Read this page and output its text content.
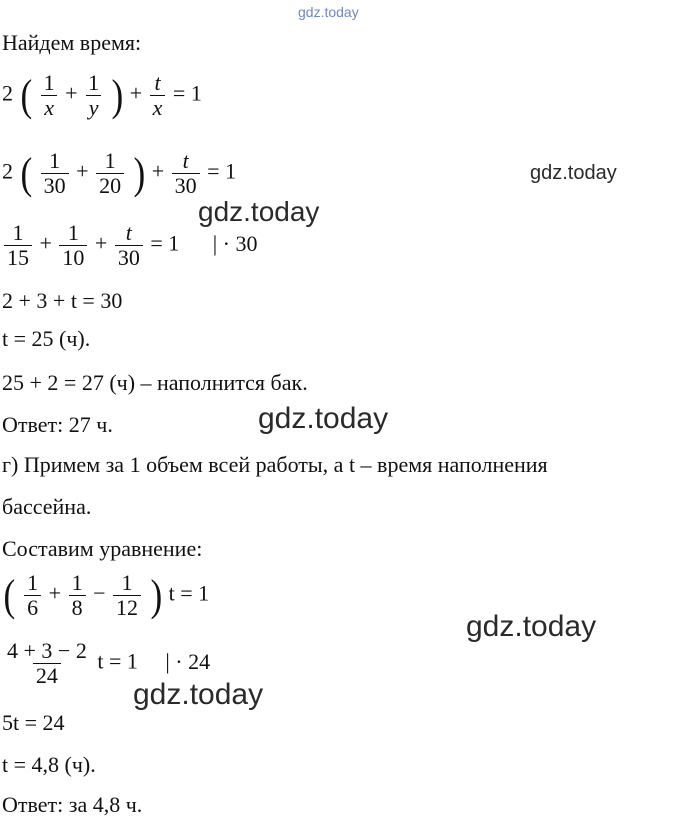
gdz.today
gdz.today
gdz.today
gdz.today
gdz.today
gdz.today
Найдем время:
2 ( $\frac{1}{x} + \frac{1}{y}$ ) + $\frac{t}{x} = 1$
2 ( $\frac{1}{30} + \frac{1}{20}$ ) + $\frac{t}{30} = 1$
$\frac{1}{15} + \frac{1}{10} + \frac{t}{30} = 1$ | · 30
2 + 3 + t = 30
t = 25 (ч).
25 + 2 = 27 (ч) – наполнится бак.
Ответ: 27 ч.
г) Примем за 1 объем всей работы, а t – время наполнения
бассейна.
Составим уравнение:
( $\frac{1}{6} + \frac{1}{8} - \frac{1}{12}$ ) t = 1
$\frac{4 + 3 - 2}{24}$ t = 1 | · 24
5t = 24
t = 4,8 (ч).
Ответ: за 4,8 ч.
